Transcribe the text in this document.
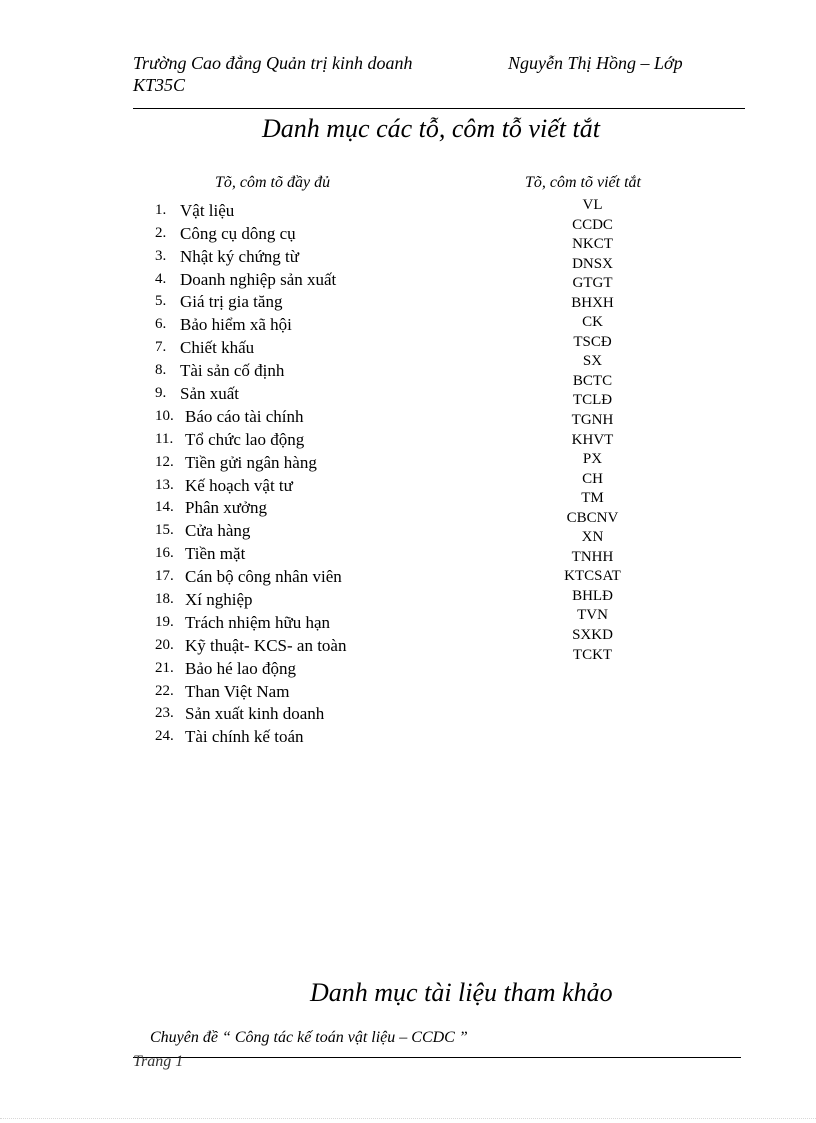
Trường Cao đẳng Quản trị kinh doanh	Nguyễn Thị Hồng – Lớp
KT35C
Danh mục các tỗ, côm tỗ viết tắt
Tõ, côm tõ đầy đủ	Tõ, côm tõ viết tắt
1. Vật liệu
2. Công cụ dông cụ
3. Nhật ký chứng từ
4. Doanh nghiệp sản xuất
5. Giá trị gia tăng
6. Bảo hiểm xã hội
7. Chiết khấu
8. Tài sản cố định
9. Sản xuất
10. Báo cáo tài chính
11. Tổ chức lao động
12. Tiền gửi ngân hàng
13. Kế hoạch vật tư
14. Phân xưởng
15. Cửa hàng
16. Tiền mặt
17. Cán bộ công nhân viên
18. Xí nghiệp
19. Trách nhiệm hữu hạn
20. Kỹ thuật- KCS- an toàn
21. Bảo hé lao động
22. Than Việt Nam
23. Sản xuất kinh doanh
24. Tài chính kế toán
VL
CCDC
NKCT
DNSX
GTGT
BHXH
CK
TSCĐ
SX
BCTC
TCLĐ
TGNH
KHVT
PX
CH
TM
CBCNV
XN
TNHH
KTCSAT
BHLĐ
TVN
SXKD
TCKT
Danh mục tài liệu tham khảo
Chuyên đề “ Công tác kế toán vật liệu – CCDC ”
Trang 1
